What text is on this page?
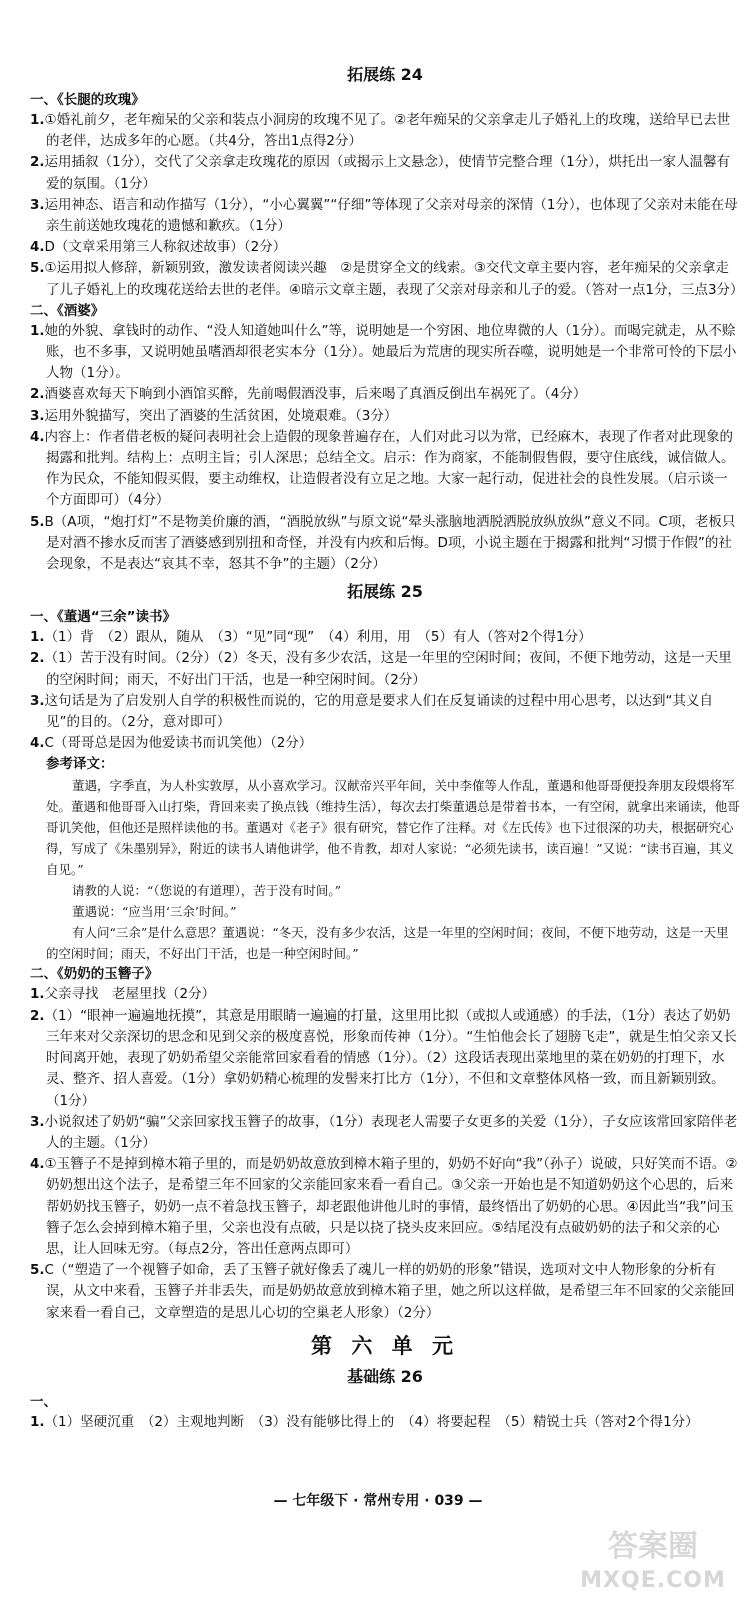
拓展练 24
一、《长腿的玫瑰》

1.①婚礼前夕，老年痴呆的父亲和装点小洞房的玫瑰不见了。②老年痴呆的父亲拿走儿子婚礼上的玫瑰，送给早已去世的老伴，达成多年的心愿。（共4分，答出1点得2分）

2.运用插叙（1分），交代了父亲拿走玫瑰花的原因（或揭示上文悬念），使情节完整合理（1分），烘托出一家人温馨有爱的氛围。（1分）

3.运用神态、语言和动作描写（1分），“小心翼翼”“仔细”等体现了父亲对母亲的深情（1分），也体现了父亲对未能在母亲生前送她玫瑰花的遗憾和歉疚。（1分）

4.D（文章采用第三人称叙述故事）（2分）

5.①运用拟人修辞，新颖别致，激发读者阅读兴趣　②是贯穿全文的线索。③交代文章主要内容，老年痴呆的父亲拿走了儿子婚礼上的玫瑰花送给去世的老伴。④暗示文章主题，表现了父亲对母亲和儿子的爱。（答对一点1分，三点3分）

二、《酒婆》

1.她的外貌、拿钱时的动作、“没人知道她叫什么”等，说明她是一个穷困、地位卑微的人（1分）。而喝完就走，从不赊账，也不多事，又说明她虽嗜酒却很老实本分（1分）。她最后为荒唐的现实所吞噬，说明她是一个非常可怜的下层小人物（1分）。

2.酒婆喜欢每天下晌到小酒馆买醉，先前喝假酒没事，后来喝了真酒反倒出车祸死了。（4分）

3.运用外貌描写，突出了酒婆的生活贫困，处境艰难。（3分）

4.内容上：作者借老板的疑问表明社会上造假的现象普遍存在，人们对此习以为常，已经麻木，表现了作者对此现象的揭露和批判。结构上：点明主旨；引人深思；总结全文。启示：作为商家，不能制假售假，要守住底线，诚信做人。作为民众，不能知假买假，要主动维权，让造假者没有立足之地。大家一起行动，促进社会的良性发展。（启示谈一个方面即可）（4分）

5.B（A项，“炮打灯”不是物美价廉的酒，“酒脱放纵”与原文说“晕头涨脑地洒脱洒脱放纵放纵”意义不同。C项，老板只是对酒不掺水反而害了酒婆感到别扭和奇怪，并没有内疚和后悔。D项，小说主题在于揭露和批判“习惯于作假”的社会现象，不是表达“哀其不幸，怒其不争”的主题）（2分）

拓展练 25
一、《董遇“三余”读书》

1.（1）背　（2）跟从，随从　（3）“见”同“现”　（4）利用，用　（5）有人（答对2个得1分）

2.（1）苦于没有时间。（2分）（2）冬天，没有多少农活，这是一年里的空闲时间；夜间，不便下地劳动，这是一天里的空闲时间；雨天，不好出门干活，也是一种空闲时间。（2分）

3.这句话是为了启发别人自学的积极性而说的，它的用意是要求人们在反复诵读的过程中用心思考，以达到“其义自见”的目的。（2分，意对即可）

4.C（哥哥总是因为他爱读书而讥笑他）（2分）

参考译文：

董遇，字季直，为人朴实敦厚，从小喜欢学习。汉献帝兴平年间，关中李傕等人作乱，董遇和他哥哥便投奔朋友段煨将军处。董遇和他哥哥入山打柴，背回来卖了换点钱（维持生活），每次去打柴董遇总是带着书本，一有空闲，就拿出来诵读，他哥哥讥笑他，但他还是照样读他的书。董遇对《老子》很有研究，替它作了注释。对《左氏传》也下过很深的功夫，根据研究心得，写成了《朱墨别异》，附近的读书人请他讲学，他不肯教，却对人家说：“必须先读书，读百遍！”又说：“读书百遍，其义自见。”

请教的人说：“（您说的有道理），苦于没有时间。”

董遇说：“应当用‘三余’时间。”

有人问“三余”是什么意思？董遇说：“冬天，没有多少农活，这是一年里的空闲时间；夜间，不便下地劳动，这是一天里的空闲时间；雨天，不好出门干活，也是一种空闲时间。”

二、《奶奶的玉簪子》

1.父亲寻找　老屋里找（2分）

2.（1）“眼神一遍遍地抚摸”，其意是用眼睛一遍遍的打量，这里用比拟（或拟人或通感）的手法，（1分）表达了奶奶三年来对父亲深切的思念和见到父亲的极度喜悦，形象而传神（1分）。“生怕他会长了翅膀飞走”，就是生怕父亲又长时间离开她，表现了奶奶希望父亲能常回家看看的情感（1分）。（2）这段话表现出菜地里的菜在奶奶的打理下，水灵、整齐、招人喜爱。（1分）拿奶奶精心梳理的发髻来打比方（1分），不但和文章整体风格一致，而且新颖别致。（1分）

3.小说叙述了奶奶“骗”父亲回家找玉簪子的故事，（1分）表现老人需要子女更多的关爱（1分），子女应该常回家陪伴老人的主题。（1分）

4.①玉簪子不是掉到樟木箱子里的，而是奶奶故意放到樟木箱子里的，奶奶不好向“我”（孙子）说破，只好笑而不语。②奶奶想出这个法子，是希望三年不回家的父亲能回家来看一看自己。③父亲一开始也是不知道奶奶这个心思的，后来帮奶奶找玉簪子，奶奶一点不着急找玉簪子，却老跟他讲他儿时的事情，最终悟出了奶奶的心思。④因此当“我”问玉簪子怎么会掉到樟木箱子里，父亲也没有点破，只是以挠了挠头皮来回应。⑤结尾没有点破奶奶的法子和父亲的心思，让人回味无穷。（每点2分，答出任意两点即可）

5.C（“塑造了一个视簪子如命，丢了玉簪子就好像丢了魂儿一样的奶奶的形象”错误，选项对文中人物形象的分析有误，从文中来看，玉簪子并非丢失，而是奶奶故意放到樟木箱子里，她之所以这样做，是希望三年不回家的父亲能回家来看一看自己，文章塑造的是思儿心切的空巢老人形象）（2分）

第 六 单 元
基础练 26
一、

1.（1）坚硬沉重　（2）主观地判断　（3）没有能够比得上的　（4）将要起程　（5）精锐士兵（答对2个得1分）

— 七年级下 · 常州专用 · 039 —
答案圈
MXQE.COM
